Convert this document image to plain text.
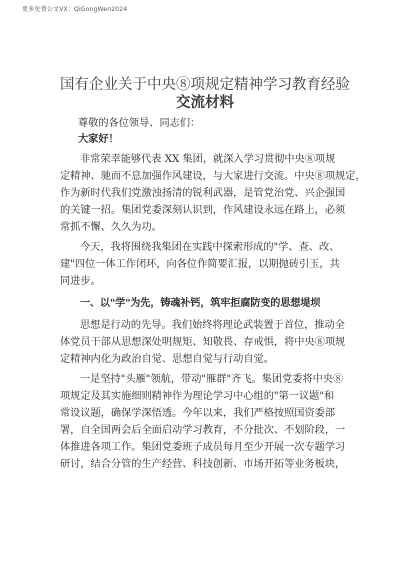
更多免费公文VX：QiGongWen2024
国有企业关于中央⑧项规定精神学习教育经验
交流材料
尊敬的各位领导、同志们：
大家好！
非常荣幸能够代表 XX 集团，就深入学习贯彻中央⑧项规
定精神、驰而不息加强作风建设，与大家进行交流。中央⑧项规定，
作为新时代我们党激浊扬清的锐利武器，是管党治党、兴企强国
的关键一招。集团党委深刻认识到，作风建设永远在路上，必须
常抓不懈、久久为功。
今天，我将围绕我集团在实践中探索形成的"学、查、改、
建"四位一体工作闭环，向各位作简要汇报，以期抛砖引玉，共
同进步。
一、以"学"为先，铸魂补钙，筑牢拒腐防变的思想堤坝
思想是行动的先导。我们始终将理论武装置于首位，推动全
体党员干部从思想深处明规矩、知敬畏、存戒惧，将中央⑧项规
定精神内化为政治自觉、思想自觉与行动自觉。
一是坚持"头雁"领航，带动"雁群"齐飞。集团党委将中央⑧
项规定及其实施细则精神作为理论学习中心组的"第一议题"和
常设议题，确保学深悟透。今年以来，我们严格按照国资委部
署，自全国两会后全面启动学习教育，不分批次、不划阶段，一
体推进各项工作。集团党委班子成员每月至少开展一次专题学习
研讨，结合分管的生产经营、科技创新、市场开拓等业务板块，
